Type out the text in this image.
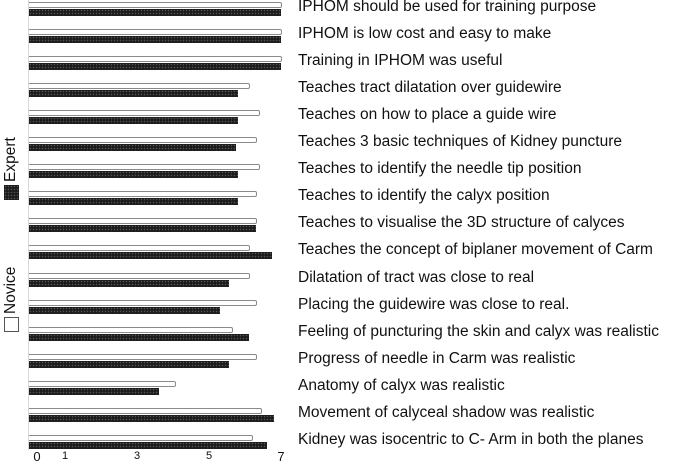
IPHOM should be used for training purpose
IPHOM is low cost and easy to make
Training in IPHOM was useful
Teaches tract dilatation over guidewire
Teaches on how to place a guide wire
Teaches 3 basic techniques of Kidney puncture
Teaches to identify the needle tip position
Teaches to identify the calyx position
Teaches to visualise the 3D structure of calyces
Teaches the concept of biplaner movement of Carm
Dilatation of tract was close to real
Placing the guidewire was close to real.
Feeling of puncturing the skin and calyx was realistic
Progress of needle in Carm was realistic
Anatomy of calyx was realistic
Movement of calyceal shadow was realistic
Kidney was isocentric to C- Arm in both the planes
0 1	3	5	7
Expert
Novice
